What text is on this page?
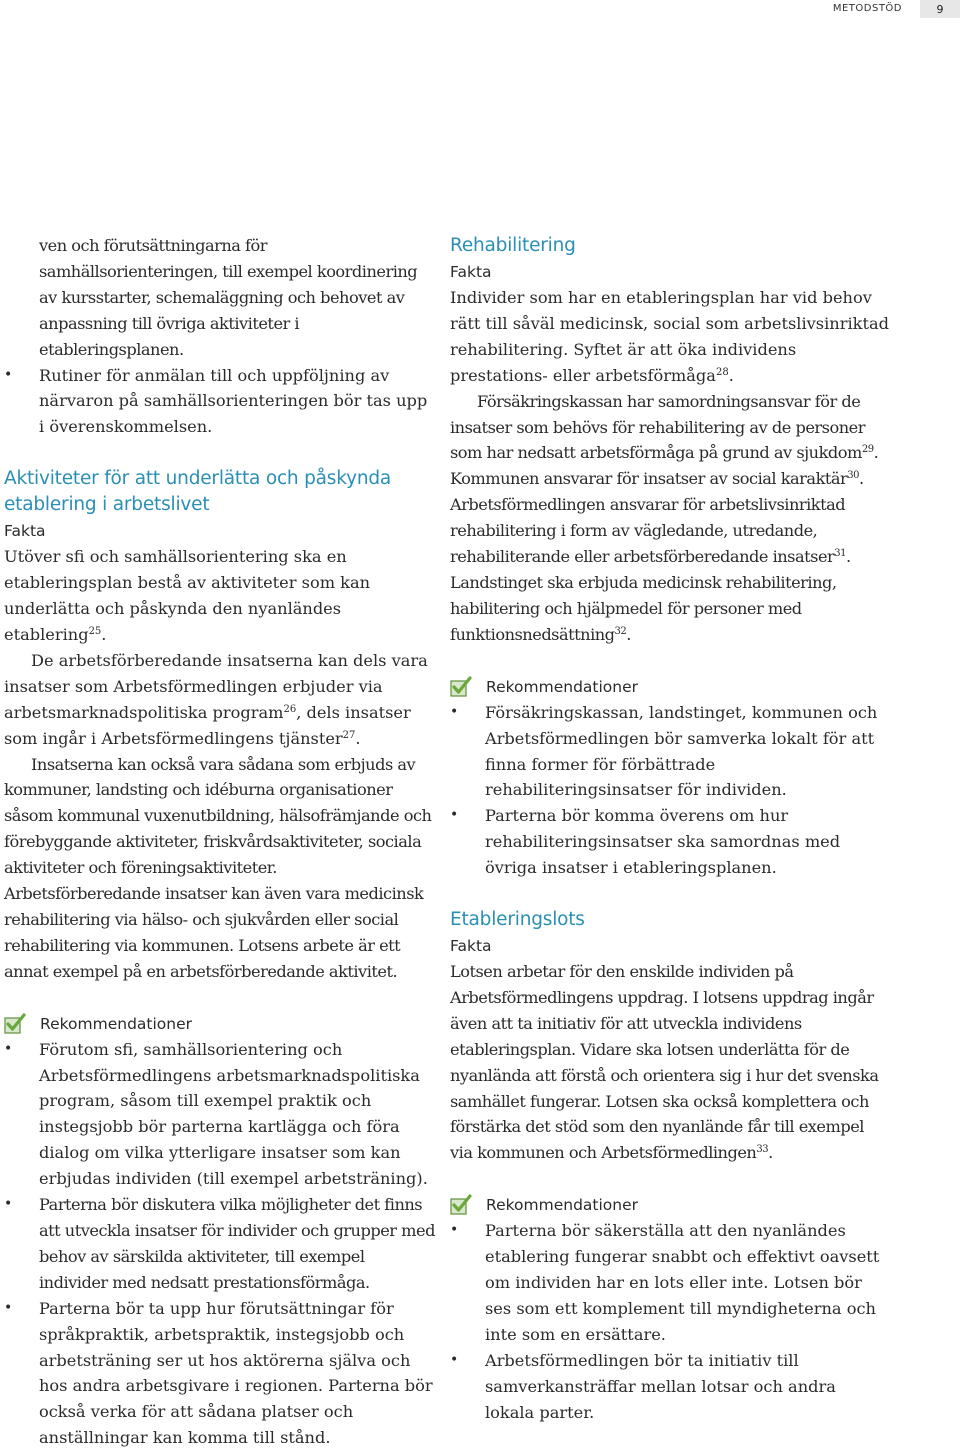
METODSTÖD	9

ven och förutsättningarna för samhällsorienteringen, till exempel koordinering av kursstarter, schemaläggning och behovet av anpassning till övriga aktiviteter i etableringsplanen.

• Rutiner för anmälan till och uppföljning av närvaron på samhällsorienteringen bör tas upp i överenskommelsen.

Aktiviteter för att underlätta och påskynda etablering i arbetslivet
Fakta

Utöver sfi och samhällsorientering ska en etableringsplan bestå av aktiviteter som kan underlätta och påskynda den nyanländes etablering$^{25}$.

De arbetsförberedande insatserna kan dels vara insatser som Arbetsförmedlingen erbjuder via arbetsmarknadspolitiska program$^{26}$, dels insatser som ingår i Arbetsförmedlingens tjänster$^{27}$.

Insatserna kan också vara sådana som erbjuds av kommuner, landsting och idéburna organisationer såsom kommunal vuxenutbildning, hälsofrämjande och förebyggande aktiviteter, friskvårdsaktiviteter, sociala aktiviteter och föreningsaktiviteter. Arbetsförberedande insatser kan även vara medicinsk rehabilitering via hälso- och sjukvården eller social rehabilitering via kommunen. Lotsens arbete är ett annat exempel på en arbetsförberedande aktivitet.

Rekommendationer
• Förutom sfi, samhällsorientering och Arbetsförmedlingens arbetsmarknadspolitiska program, såsom till exempel praktik och instegsjobb bör parterna kartlägga och föra dialog om vilka ytterligare insatser som kan erbjudas individen (till exempel arbetsträning).

• Parterna bör diskutera vilka möjligheter det finns att utveckla insatser för individer och grupper med behov av särskilda aktiviteter, till exempel individer med nedsatt prestationsförmåga.

• Parterna bör ta upp hur förutsättningar för språkpraktik, arbetspraktik, instegsjobb och arbetsträning ser ut hos aktörerna själva och hos andra arbetsgivare i regionen. Parterna bör också verka för att sådana platser och anställningar kan komma till stånd.

Rehabilitering
Fakta

Individer som har en etableringsplan har vid behov rätt till såväl medicinsk, social som arbetslivsinriktad rehabilitering. Syftet är att öka individens prestations- eller arbetsförmåga$^{28}$.

Försäkringskassan har samordningsansvar för de insatser som behövs för rehabilitering av de personer som har nedsatt arbetsförmåga på grund av sjukdom$^{29}$. Kommunen ansvarar för insatser av social karaktär$^{30}$. Arbetsförmedlingen ansvarar för arbetslivsinriktad rehabilitering i form av vägledande, utredande, rehabiliterande eller arbetsförberedande insatser$^{31}$. Landstinget ska erbjuda medicinsk rehabilitering, habilitering och hjälpmedel för personer med funktionsnedsättning$^{32}$.

Rekommendationer
• Försäkringskassan, landstinget, kommunen och Arbetsförmedlingen bör samverka lokalt för att finna former för förbättrade rehabiliteringsinsatser för individen.

• Parterna bör komma överens om hur rehabiliteringsinsatser ska samordnas med övriga insatser i etableringsplanen.

Etableringslots
Fakta

Lotsen arbetar för den enskilde individen på Arbetsförmedlingens uppdrag. I lotsens uppdrag ingår även att ta initiativ för att utveckla individens etableringsplan. Vidare ska lotsen underlätta för de nyanlända att förstå och orientera sig i hur det svenska samhället fungerar. Lotsen ska också komplettera och förstärka det stöd som den nyanlände får till exempel via kommunen och Arbetsförmedlingen$^{33}$.

Rekommendationer
• Parterna bör säkerställa att den nyanländes etablering fungerar snabbt och effektivt oavsett om individen har en lots eller inte. Lotsen bör ses som ett komplement till myndigheterna och inte som en ersättare.

• Arbetsförmedlingen bör ta initiativ till samverkansträffar mellan lotsar och andra lokala parter.
